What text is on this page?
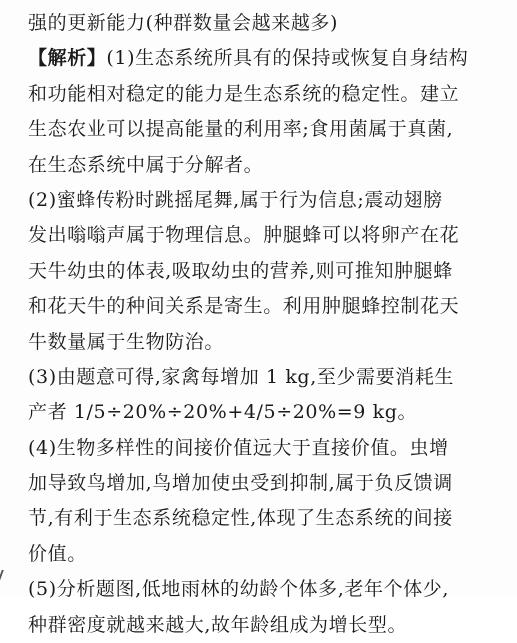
强的更新能力(种群数量会越来越多)
【解析】(1)生态系统所具有的保持或恢复自身结构
和功能相对稳定的能力是生态系统的稳定性。建立
生态农业可以提高能量的利用率;食用菌属于真菌,
在生态系统中属于分解者。
(2)蜜蜂传粉时跳摇尾舞,属于行为信息;震动翅膀
发出嗡嗡声属于物理信息。肿腿蜂可以将卵产在花
天牛幼虫的体表,吸取幼虫的营养,则可推知肿腿蜂
和花天牛的种间关系是寄生。利用肿腿蜂控制花天
牛数量属于生物防治。
(3)由题意可得,家禽每增加 1 kg,至少需要消耗生
产者 1/5÷20%÷20%+4/5÷20%=9 kg。
(4)生物多样性的间接价值远大于直接价值。虫增
加导致鸟增加,鸟增加使虫受到抑制,属于负反馈调
节,有利于生态系统稳定性,体现了生态系统的间接
价值。
(5)分析题图,低地雨林的幼龄个体多,老年个体少,
种群密度就越来越大,故年龄组成为增长型。
